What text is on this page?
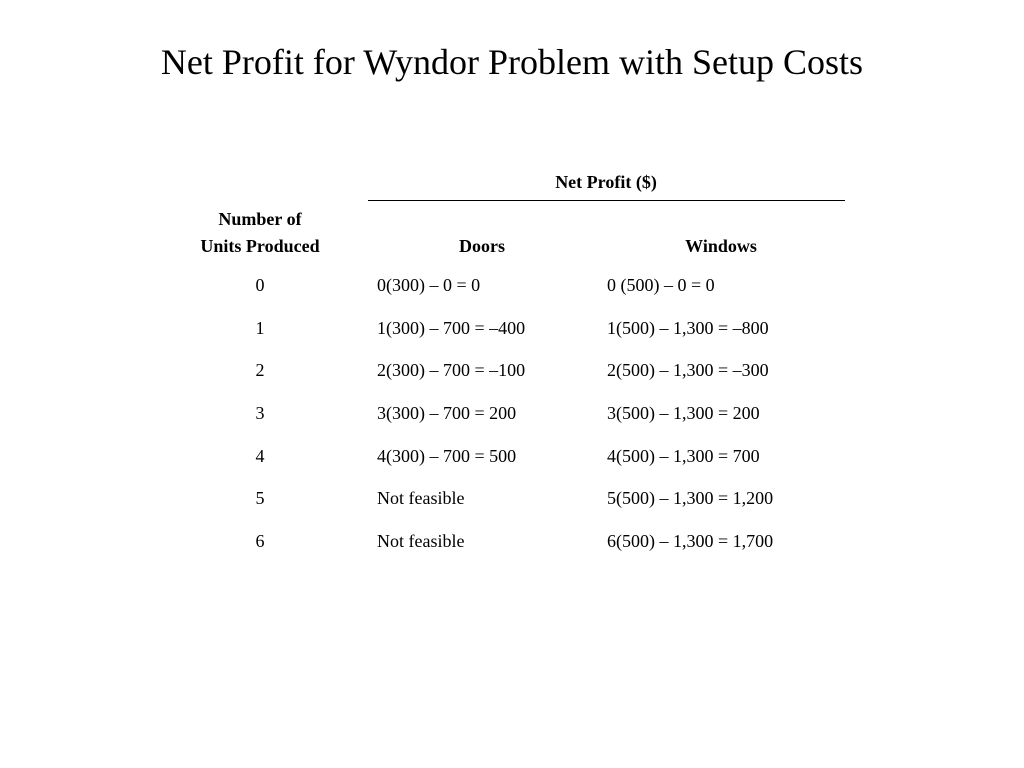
Net Profit for Wyndor Problem with Setup Costs
Net Profit ($)
Number of
Units Produced	Doors	Windows
0	0(300) – 0 = 0	0 (500) – 0 = 0
1	1(300) – 700 = –400	1(500) – 1,300 = –800
2	2(300) – 700 = –100	2(500) – 1,300 = –300
3	3(300) – 700 = 200	3(500) – 1,300 = 200
4	4(300) – 700 = 500	4(500) – 1,300 = 700
5	Not feasible	5(500) – 1,300 = 1,200
6	Not feasible	6(500) – 1,300 = 1,700
